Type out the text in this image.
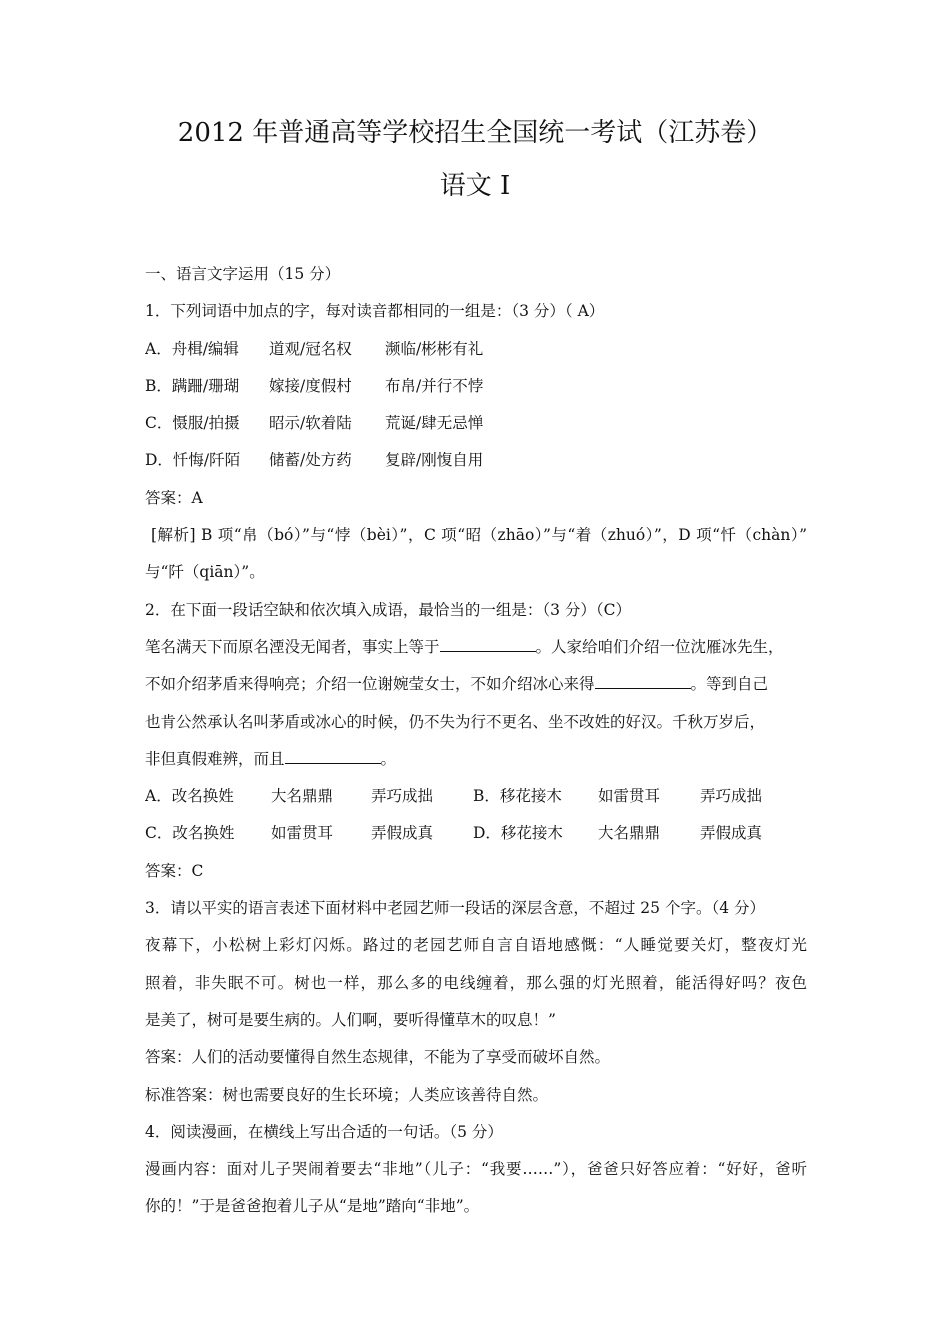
2012 年普通高等学校招生全国统一考试（江苏卷）
语文 I
一、语言文字运用（15 分）
1．下列词语中加点的字，每对读音都相同的一组是：（3 分）（ A）
A．舟楫/编辑 道观/冠名权 濒临/彬彬有礼
B．蹒跚/珊瑚 嫁接/度假村 布帛/并行不悖
C．慑服/拍摄 昭示/软着陆 荒诞/肆无忌惮
D．忏悔/阡陌 储蓄/处方药 复辟/刚愎自用
答案：A
[解析] B 项“帛（bó）”与“悖（bèi）”，C 项“昭（zhāo）”与“着（zhuó）”，D 项“忏（chàn）”
与“阡（qiān）”。
2．在下面一段话空缺和依次填入成语，最恰当的一组是：（3 分）（C）
笔名满天下而原名湮没无闻者，事实上等于	。人家给咱们介绍一位沈雁冰先生，
不如介绍茅盾来得响亮；介绍一位谢婉莹女士，不如介绍冰心来得	。等到自己
也肯公然承认名叫茅盾或冰心的时候，仍不失为行不更名、坐不改姓的好汉。千秋万岁后，
非但真假难辨，而且	。
A．改名换姓 大名鼎鼎 弄巧成拙	B．移花接木 如雷贯耳	弄巧成拙
C．改名换姓 如雷贯耳 弄假成真	D．移花接木 大名鼎鼎	弄假成真
答案：C
3．请以平实的语言表述下面材料中老园艺师一段话的深层含意，不超过 25 个字。（4 分）
夜幕下，小松树上彩灯闪烁。路过的老园艺师自言自语地感慨：“人睡觉要关灯，整夜灯光
照着，非失眠不可。树也一样，那么多的电线缠着，那么强的灯光照着，能活得好吗？夜色
是美了，树可是要生病的。人们啊，要听得懂草木的叹息！”
答案：人们的活动要懂得自然生态规律，不能为了享受而破坏自然。
标准答案：树也需要良好的生长环境；人类应该善待自然。
4．阅读漫画，在横线上写出合适的一句话。（5 分）
漫画内容：面对儿子哭闹着要去“非地”（儿子：“我要……”），爸爸只好答应着：“好好，爸听
你的！”于是爸爸抱着儿子从“是地”踏向“非地”。
